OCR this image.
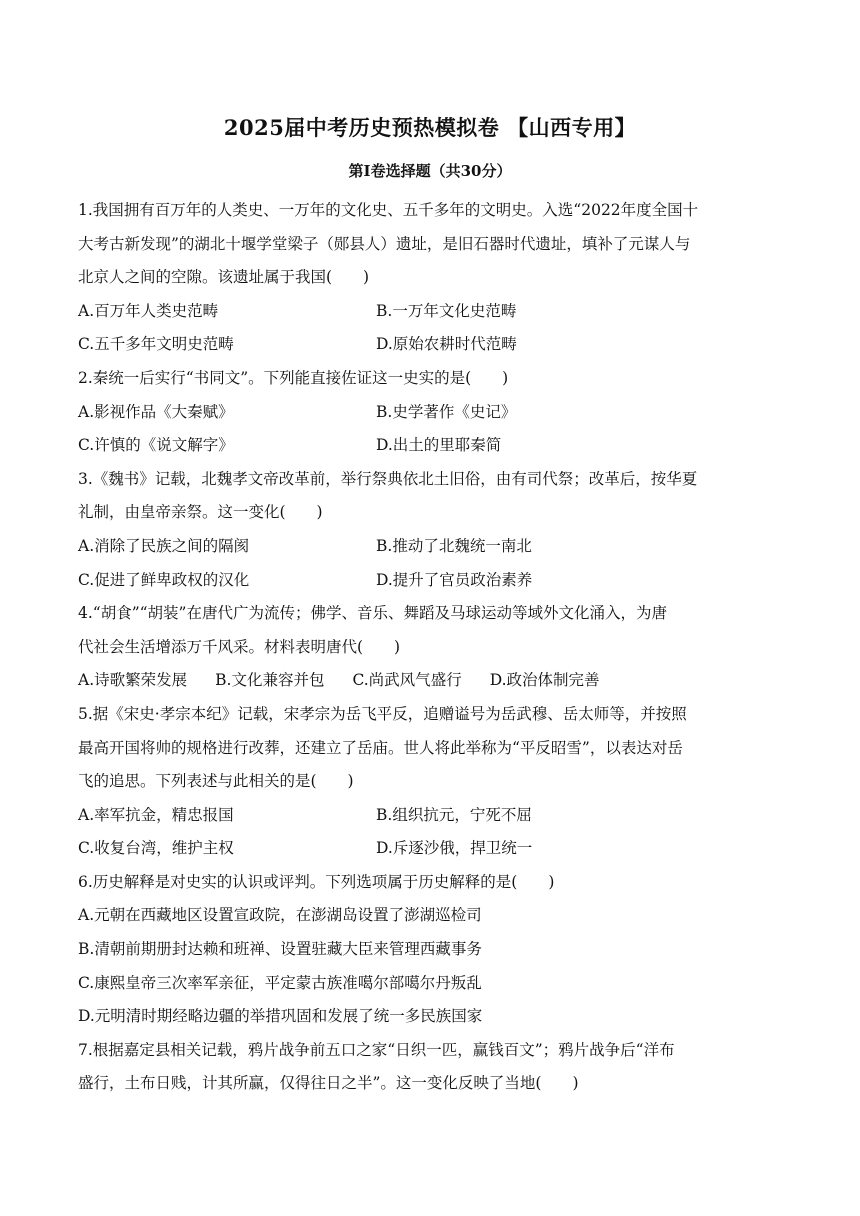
2025届中考历史预热模拟卷 【山西专用】
第I卷选择题（共30分）
1.我国拥有百万年的人类史、一万年的文化史、五千多年的文明史。入选“2022年度全国十
大考古新发现”的湖北十堰学堂梁子（郧县人）遗址，是旧石器时代遗址，填补了元谋人与
北京人之间的空隙。该遗址属于我国(　　)
A.百万年人类史范畴	B.一万年文化史范畴
C.五千多年文明史范畴	D.原始农耕时代范畴
2.秦统一后实行“书同文”。下列能直接佐证这一史实的是(　　)
A.影视作品《大秦赋》	B.史学著作《史记》
C.许慎的《说文解字》	D.出土的里耶秦简
3.《魏书》记载，北魏孝文帝改革前，举行祭典依北土旧俗，由有司代祭；改革后，按华夏
礼制，由皇帝亲祭。这一变化(　　)
A.消除了民族之间的隔阂	B.推动了北魏统一南北
C.促进了鲜卑政权的汉化	D.提升了官员政治素养
4.“胡食”“胡装”在唐代广为流传；佛学、音乐、舞蹈及马球运动等域外文化涌入，为唐
代社会生活增添万千风采。材料表明唐代(　　)
A.诗歌繁荣发展 B.文化兼容并包 C.尚武风气盛行 D.政治体制完善
5.据《宋史·孝宗本纪》记载，宋孝宗为岳飞平反，追赠谥号为岳武穆、岳太师等，并按照
最高开国将帅的规格进行改葬，还建立了岳庙。世人将此举称为“平反昭雪”，以表达对岳
飞的追思。下列表述与此相关的是(　　)
A.率军抗金，精忠报国	B.组织抗元，宁死不屈
C.收复台湾，维护主权	D.斥逐沙俄，捍卫统一
6.历史解释是对史实的认识或评判。下列选项属于历史解释的是(　　)
A.元朝在西藏地区设置宣政院，在澎湖岛设置了澎湖巡检司
B.清朝前期册封达赖和班禅、设置驻藏大臣来管理西藏事务
C.康熙皇帝三次率军亲征，平定蒙古族准噶尔部噶尔丹叛乱
D.元明清时期经略边疆的举措巩固和发展了统一多民族国家
7.根据嘉定县相关记载，鸦片战争前五口之家“日织一匹，赢钱百文”；鸦片战争后“洋布
盛行，土布日贱，计其所赢，仅得往日之半”。这一变化反映了当地(　　)
